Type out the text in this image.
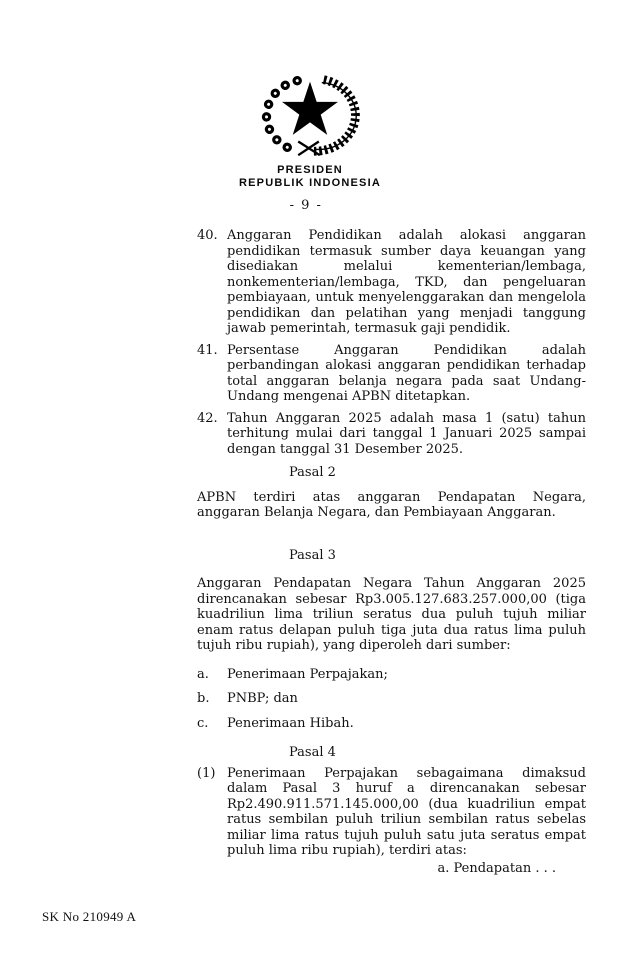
PRESIDEN
REPUBLIK INDONESIA
- 9 -
40. Anggaran Pendidikan adalah alokasi anggaran pendidikan termasuk sumber daya keuangan yang disediakan melalui kementerian/lembaga, nonkementerian/lembaga, TKD, dan pengeluaran pembiayaan, untuk menyelenggarakan dan mengelola pendidikan dan pelatihan yang menjadi tanggung jawab pemerintah, termasuk gaji pendidik.
41. Persentase Anggaran Pendidikan adalah perbandingan alokasi anggaran pendidikan terhadap total anggaran belanja negara pada saat Undang-Undang mengenai APBN ditetapkan.
42. Tahun Anggaran 2025 adalah masa 1 (satu) tahun terhitung mulai dari tanggal 1 Januari 2025 sampai dengan tanggal 31 Desember 2025.
Pasal 2
APBN terdiri atas anggaran Pendapatan Negara, anggaran Belanja Negara, dan Pembiayaan Anggaran.
Pasal 3
Anggaran Pendapatan Negara Tahun Anggaran 2025 direncanakan sebesar Rp3.005.127.683.257.000,00 (tiga kuadriliun lima triliun seratus dua puluh tujuh miliar enam ratus delapan puluh tiga juta dua ratus lima puluh tujuh ribu rupiah), yang diperoleh dari sumber:
a. Penerimaan Perpajakan;
b. PNBP; dan
c. Penerimaan Hibah.
Pasal 4
(1) Penerimaan Perpajakan sebagaimana dimaksud dalam Pasal 3 huruf a direncanakan sebesar Rp2.490.911.571.145.000,00 (dua kuadriliun empat ratus sembilan puluh triliun sembilan ratus sebelas miliar lima ratus tujuh puluh satu juta seratus empat puluh lima ribu rupiah), terdiri atas:
a. Pendapatan . . .
SK No 210949 A
